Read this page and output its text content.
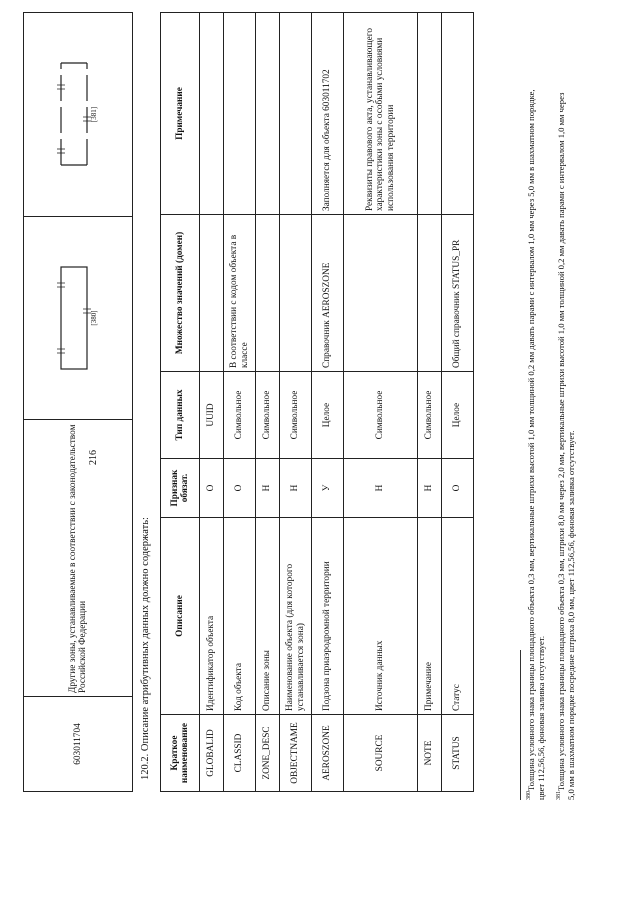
216
603011704	Другие зоны, устанавливаемые в соответствии с законодательством Российской Федерации	
[380]

[381]
120.2. Описание атрибутивных данных должно содержать: Краткое наименование	Описание	Признак обязат.	Тип данных	Множество значений (домен)	Примечание
GLOBALID	Идентификатор объекта	О	UUID		
CLASSID	Код объекта	О	Символьное	В соответствии с кодом объекта в классе	
ZONE_DESC	Описание зоны	Н	Символьное		
OBJECTNAME	Наименование объекта (для которого устанавливается зона)	Н	Символьное		
AEROSZONE	Подзона приаэродромной территории	У	Целое	Справочник AEROSZONE	Заполняется для объекта 603011702
SOURCE	Источник данных	Н	Символьное		Реквизиты правового акта, устанавливающего характеристики зоны с особыми условиями использования территории
NOTE	Примечание	Н	Символьное		
STATUS	Статус	О	Целое	Общий справочник STATUS_PR	
$^{380}$Толщина условного знака границы площадного объекта 0,3 мм, вертикальные штрихи высотой 1,0 мм толщиной 0,2 мм давать парами с интервалом 1,0 мм через 5,0 мм в шахматном порядке, цвет 112,56,56, фоновая заливка отсутствует. $^{381}$Толщина условного знака границы площадного объекта 0,3 мм, штрихи 8,0 мм через 2,0 мм, вертикальные штрихи высотой 1,0 мм толщиной 0,2 мм давать парами с интервалом 1,0 мм через 5,0 мм в шахматном порядке посредине штриха 8,0 мм, цвет 112,56,56, фоновая заливка отсутствует.
